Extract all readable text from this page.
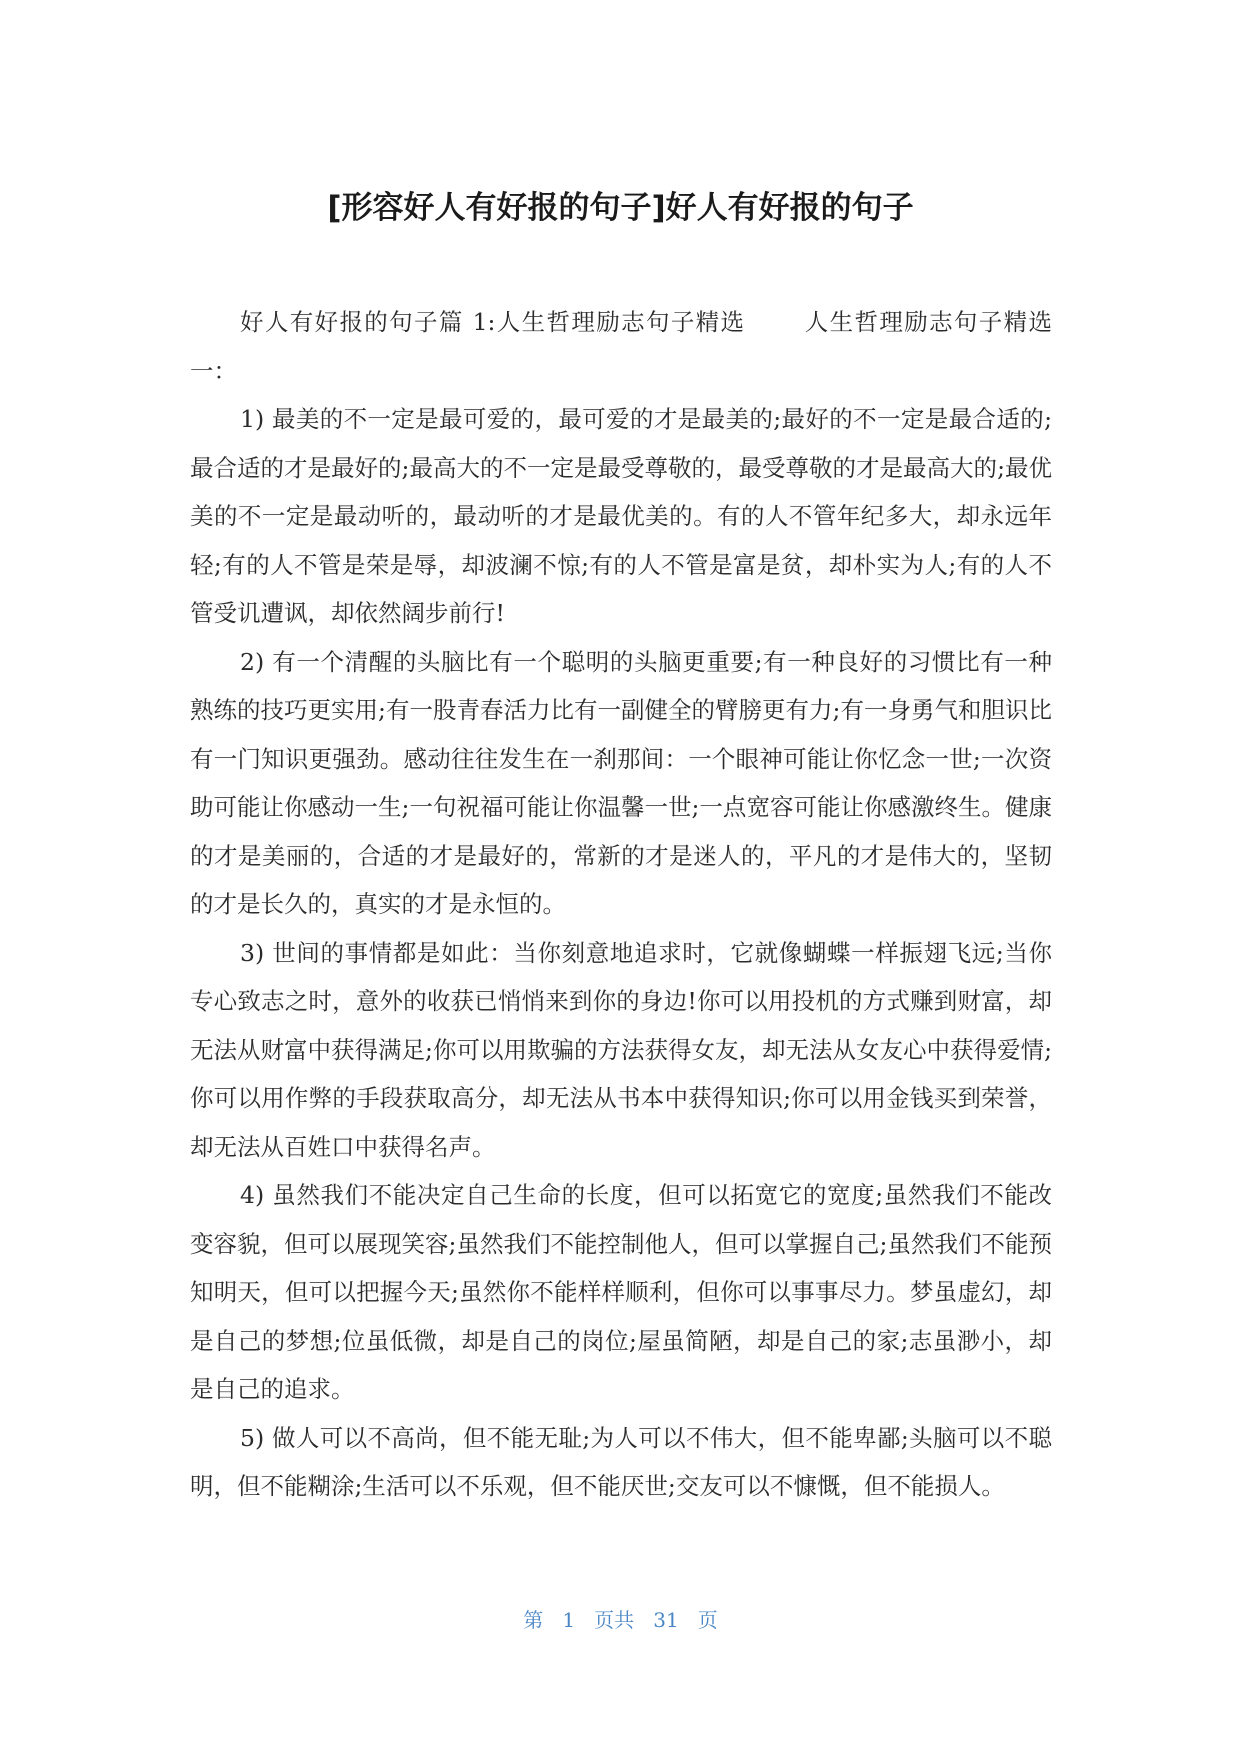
[形容好人有好报的句子]好人有好报的句子

好人有好报的句子篇 1:人生哲理励志句子精选 人生哲理励志句子精选一：

1) 最美的不一定是最可爱的，最可爱的才是最美的;最好的不一定是最合适的;最合适的才是最好的;最高大的不一定是最受尊敬的，最受尊敬的才是最高大的;最优美的不一定是最动听的，最动听的才是最优美的。有的人不管年纪多大，却永远年轻;有的人不管是荣是辱，却波澜不惊;有的人不管是富是贫，却朴实为人;有的人不管受讥遭讽，却依然阔步前行!

2) 有一个清醒的头脑比有一个聪明的头脑更重要;有一种良好的习惯比有一种熟练的技巧更实用;有一股青春活力比有一副健全的臂膀更有力;有一身勇气和胆识比有一门知识更强劲。感动往往发生在一刹那间：一个眼神可能让你忆念一世;一次资助可能让你感动一生;一句祝福可能让你温馨一世;一点宽容可能让你感激终生。健康的才是美丽的，合适的才是最好的，常新的才是迷人的，平凡的才是伟大的，坚韧的才是长久的，真实的才是永恒的。

3) 世间的事情都是如此：当你刻意地追求时，它就像蝴蝶一样振翅飞远;当你专心致志之时，意外的收获已悄悄来到你的身边!你可以用投机的方式赚到财富，却无法从财富中获得满足;你可以用欺骗的方法获得女友，却无法从女友心中获得爱情;你可以用作弊的手段获取高分，却无法从书本中获得知识;你可以用金钱买到荣誉，却无法从百姓口中获得名声。

4) 虽然我们不能决定自己生命的长度，但可以拓宽它的宽度;虽然我们不能改变容貌，但可以展现笑容;虽然我们不能控制他人，但可以掌握自己;虽然我们不能预知明天，但可以把握今天;虽然你不能样样顺利，但你可以事事尽力。梦虽虚幻，却是自己的梦想;位虽低微，却是自己的岗位;屋虽简陋，却是自己的家;志虽渺小，却是自己的追求。

5) 做人可以不高尚，但不能无耻;为人可以不伟大，但不能卑鄙;头脑可以不聪明，但不能糊涂;生活可以不乐观，但不能厌世;交友可以不慷慨，但不能损人。

第 1 页共 31 页
